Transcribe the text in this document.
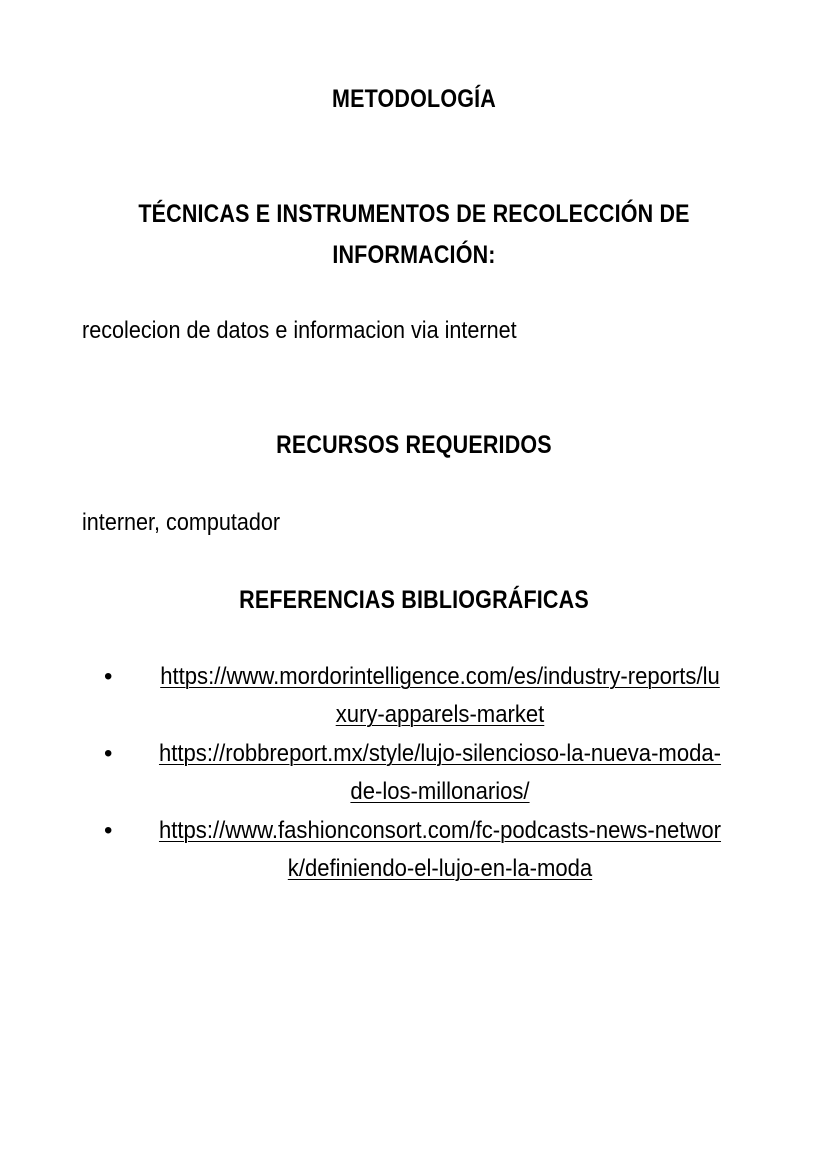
METODOLOGÍA
TÉCNICAS E INSTRUMENTOS DE RECOLECCIÓN DE INFORMACIÓN:

recolecion de datos e informacion via internet

RECURSOS REQUERIDOS

interner, computador

REFERENCIAS BIBLIOGRÁFICAS
• https://www.mordorintelligence.com/es/industry-reports/luxury-apparels-market
• https://robbreport.mx/style/lujo-silencioso-la-nueva-moda-de-los-millonarios/
• https://www.fashionconsort.com/fc-podcasts-news-network/definiendo-el-lujo-en-la-moda
